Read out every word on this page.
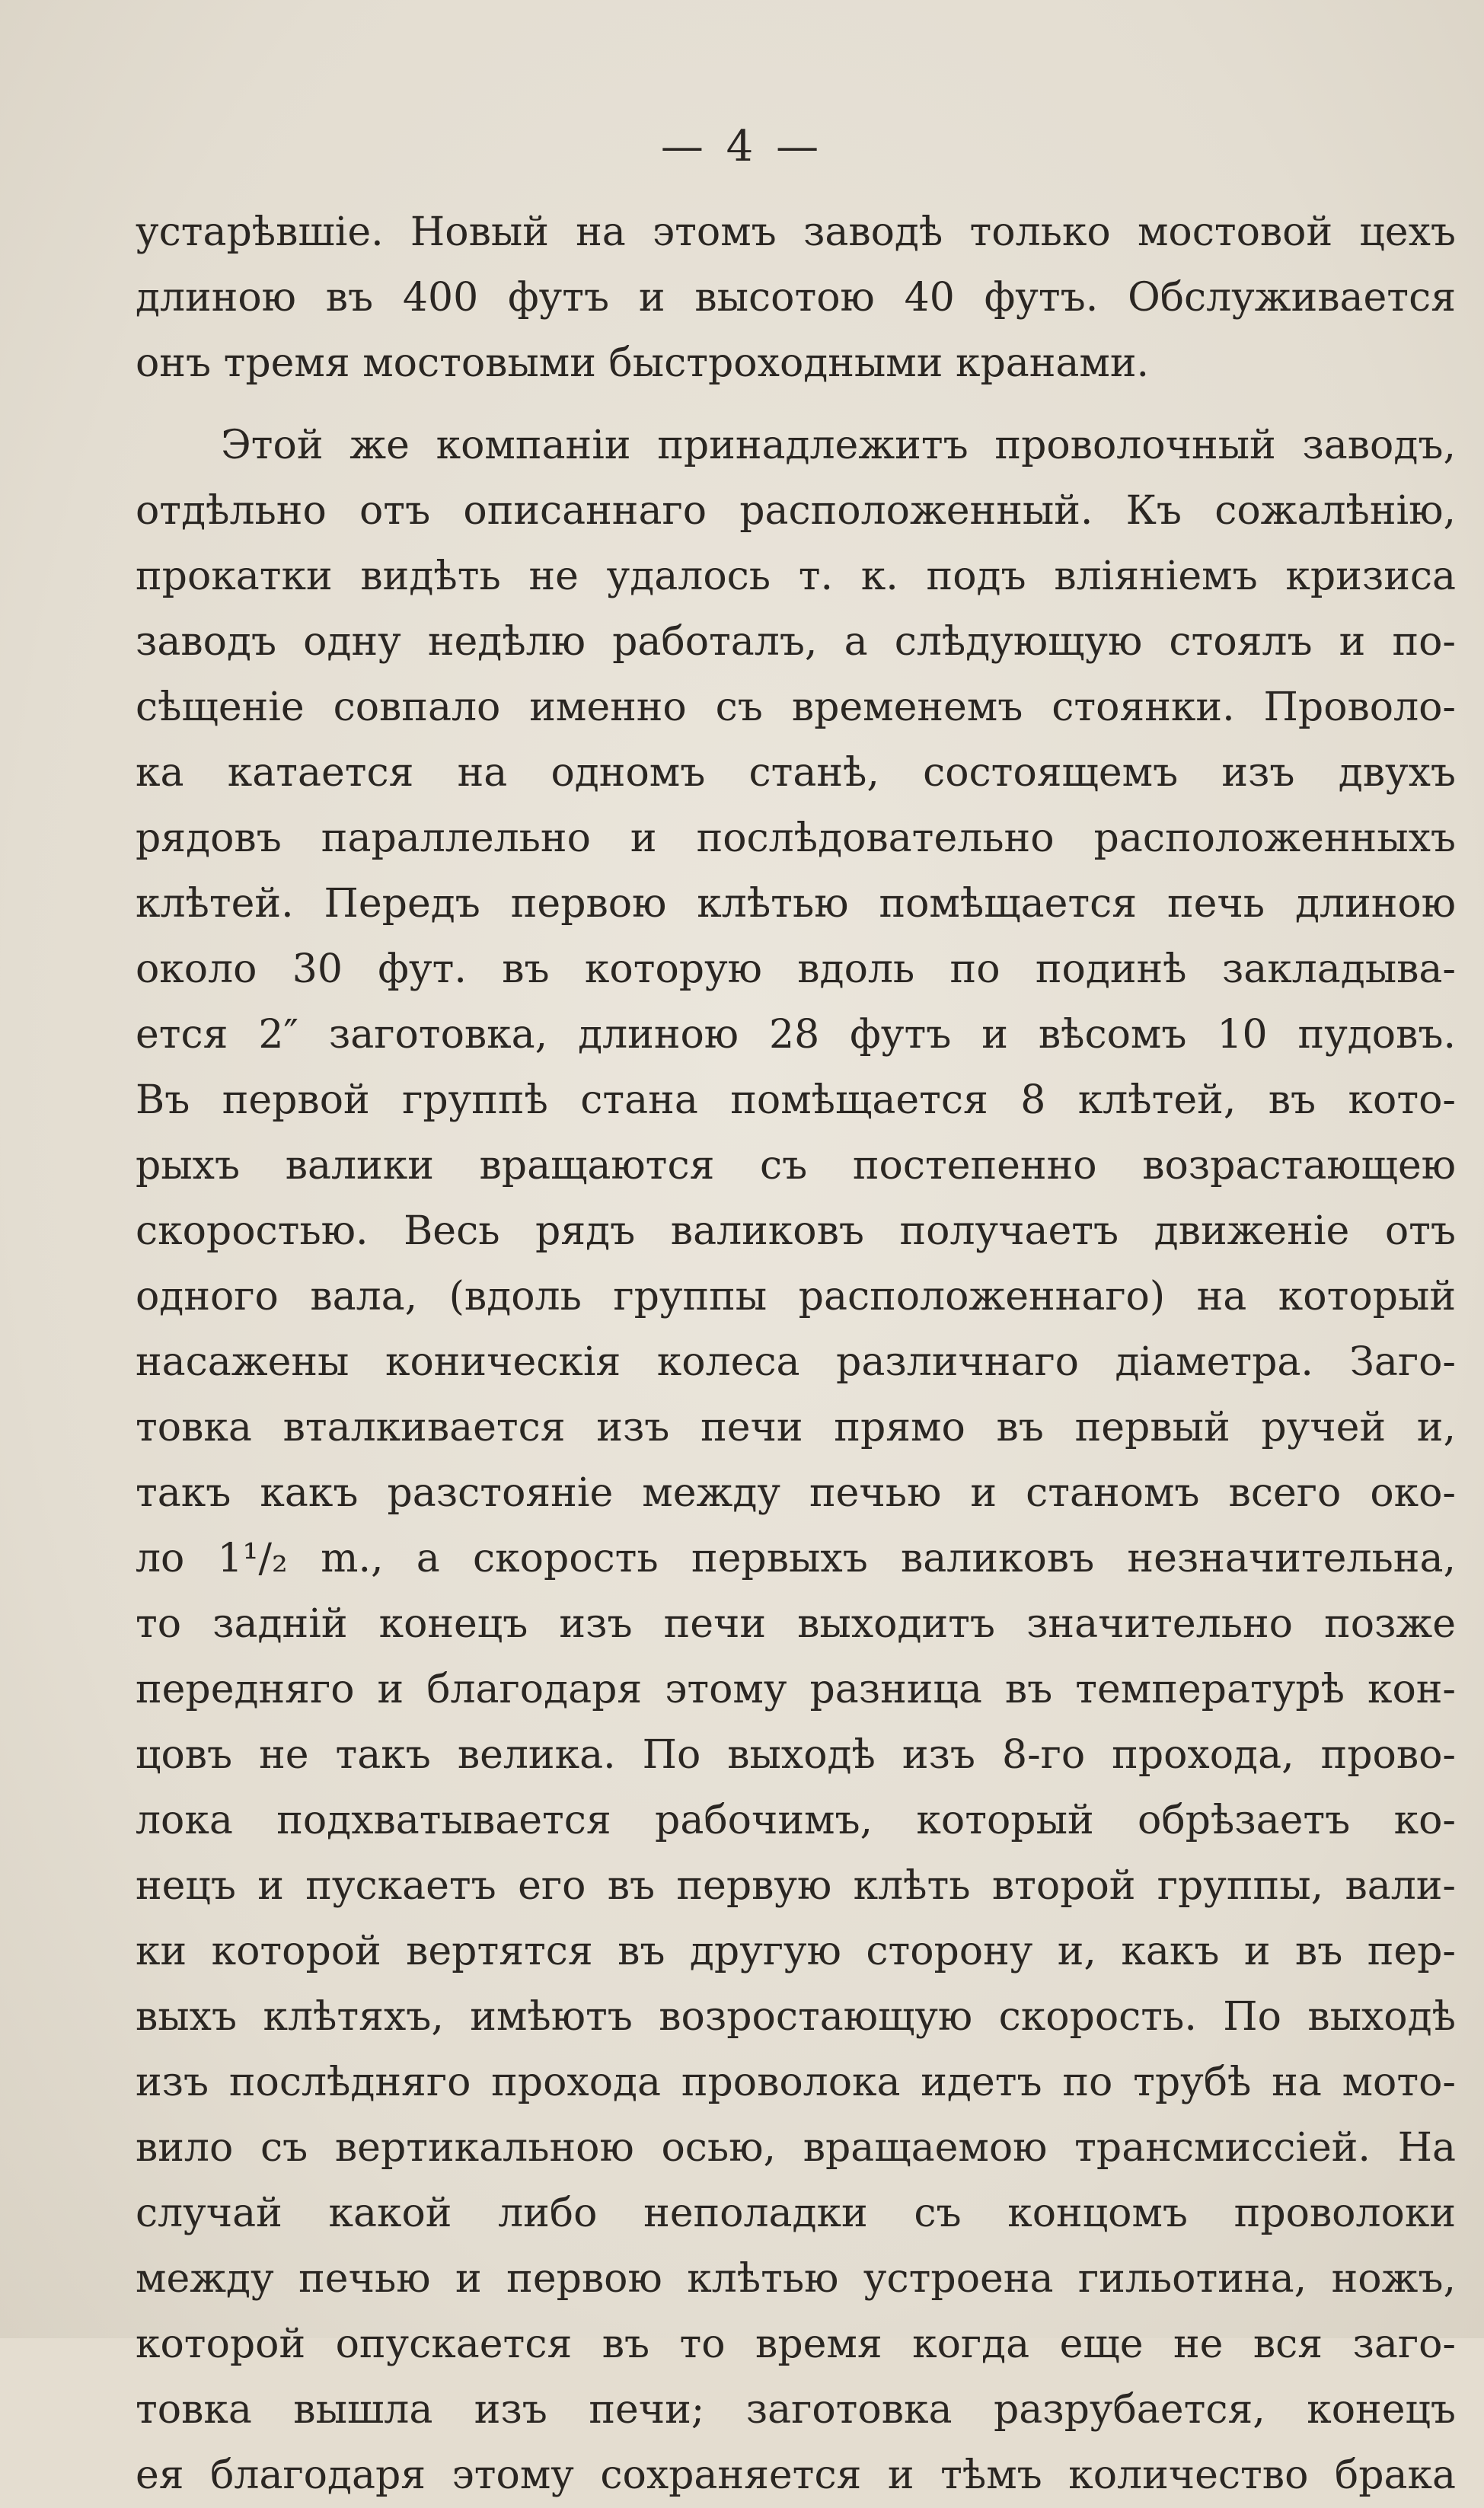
— 4 —
устарѣвшіе. Новый на этомъ заводѣ только мостовой цехъ
длиною въ 400 футъ и высотою 40 футъ. Обслуживается
онъ тремя мостовыми быстроходными кранами.
Этой же компаніи принадлежитъ проволочный заводъ,
отдѣльно отъ описаннаго расположенный. Къ сожалѣнію,
прокатки видѣть не удалось т. к. подъ вліяніемъ кризиса
заводъ одну недѣлю работалъ, а слѣдующую стоялъ и по-
сѣщеніе совпало именно съ временемъ стоянки. Проволо-
ка катается на одномъ станѣ, состоящемъ изъ двухъ
рядовъ параллельно и послѣдовательно расположенныхъ
клѣтей. Передъ первою клѣтью помѣщается печь длиною
около 30 фут. въ которую вдоль по подинѣ закладыва-
ется 2″ заготовка, длиною 28 футъ и вѣсомъ 10 пудовъ.
Въ первой группѣ стана помѣщается 8 клѣтей, въ кото-
рыхъ валики вращаются съ постепенно возрастающею
скоростью. Весь рядъ валиковъ получаетъ движеніе отъ
одного вала, (вдоль группы расположеннаго) на который
насажены коническія колеса различнаго діаметра. Заго-
товка вталкивается изъ печи прямо въ первый ручей и,
такъ какъ разстояніе между печью и станомъ всего око-
ло 1¹/₂ m., а скорость первыхъ валиковъ незначительна,
то задній конецъ изъ печи выходитъ значительно позже
передняго и благодаря этому разница въ температурѣ кон-
цовъ не такъ велика. По выходѣ изъ 8-го прохода, прово-
лока подхватывается рабочимъ, который обрѣзаетъ ко-
нецъ и пускаетъ его въ первую клѣть второй группы, вали-
ки которой вертятся въ другую сторону и, какъ и въ пер-
выхъ клѣтяхъ, имѣютъ возростающую скорость. По выходѣ
изъ послѣдняго прохода проволока идетъ по трубѣ на мото-
вило съ вертикальною осью, вращаемою трансмиссіей. На
случай какой либо неполадки съ концомъ проволоки
между печью и первою клѣтью устроена гильотина, ножъ,
которой опускается въ то время когда еще не вся заго-
товка вышла изъ печи; заготовка разрубается, конецъ
ея благодаря этому сохраняется и тѣмъ количество брака
